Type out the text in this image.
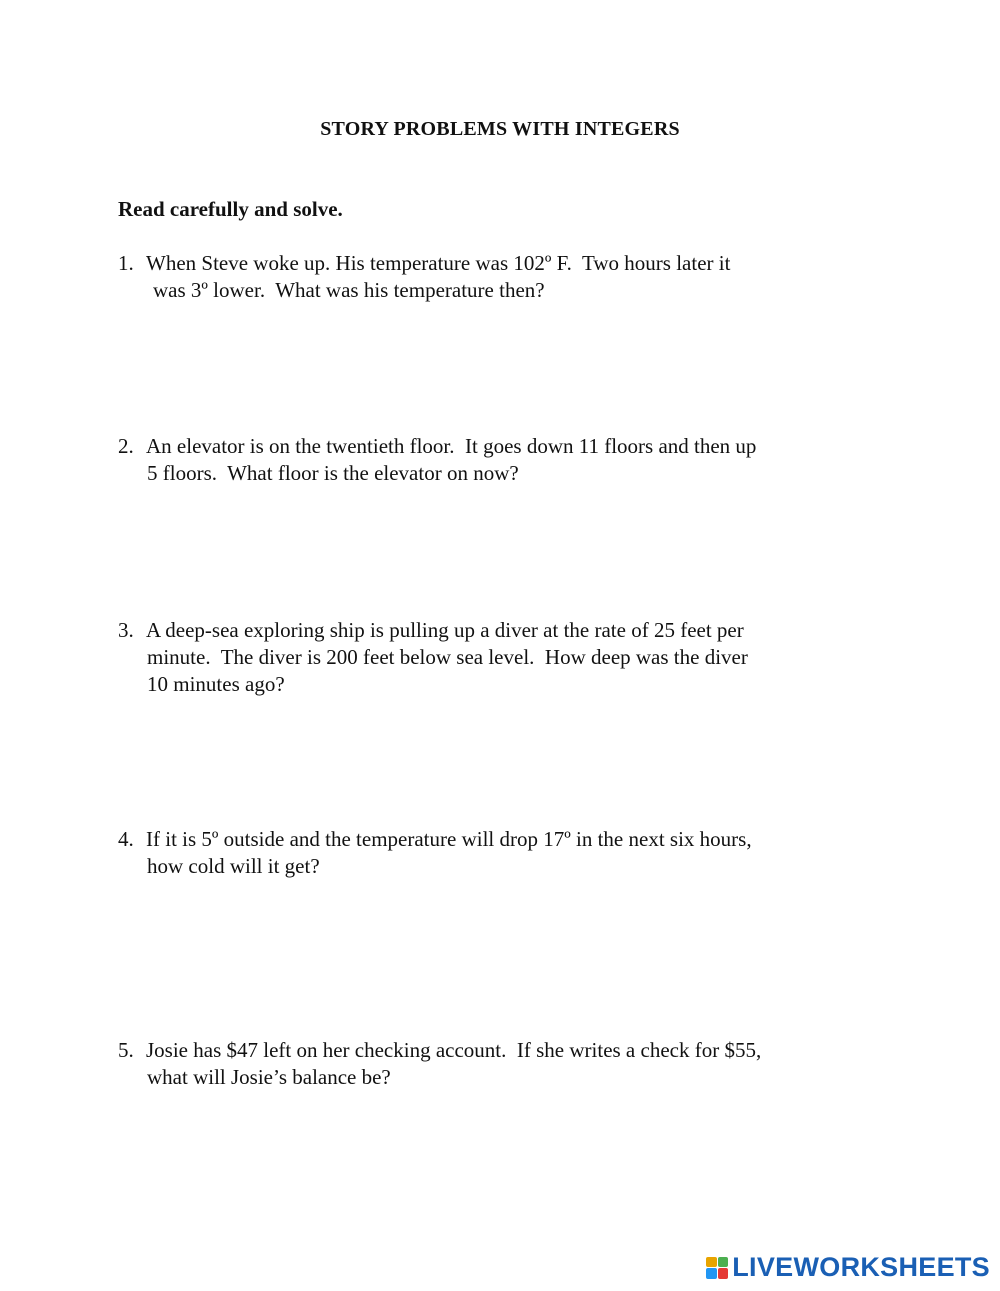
STORY PROBLEMS WITH INTEGERS
Read carefully and solve.
1. When Steve woke up. His temperature was 102º F.  Two hours later it
was 3º lower.  What was his temperature then?
2. An elevator is on the twentieth floor.  It goes down 11 floors and then up
5 floors.  What floor is the elevator on now?
3. A deep-sea exploring ship is pulling up a diver at the rate of 25 feet per
minute.  The diver is 200 feet below sea level.  How deep was the diver
10 minutes ago?
4. If it is 5º outside and the temperature will drop 17º in the next six hours,
how cold will it get?
5. Josie has $47 left on her checking account.  If she writes a check for $55,
what will Josie’s balance be?
LIVEWORKSHEETS
